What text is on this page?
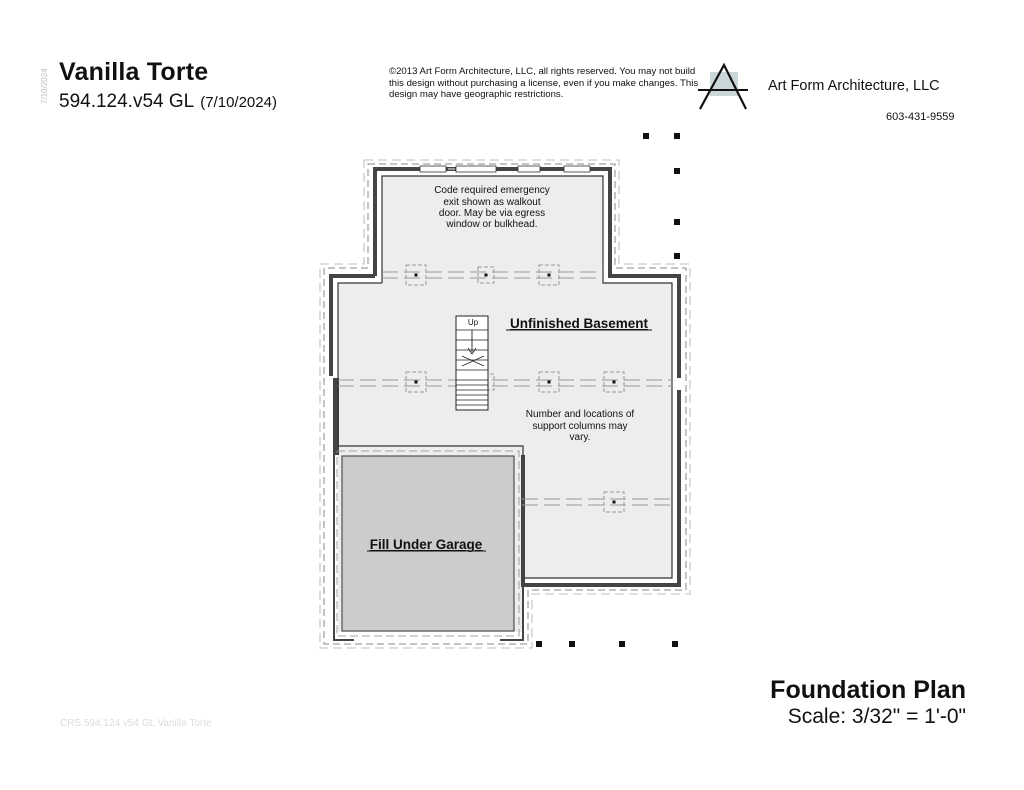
Vanilla Torte
594.124.v54 GL (7/10/2024)
7/10/2024	©2013 Art Form Architecture, LLC, all rights reserved. You may not build this design without purchasing a license, even if you make changes. This design may have geographic restrictions.
Art Form Architecture, LLC
603-431-9559
Up
Code required emergency
exit shown as walkout
door. May be via egress
window or bulkhead.
Unfinished Basement
Number and locations of
support columns may
vary.
Fill Under Garage
Foundation Plan
Scale: 3/32" = 1'-0"
CRS 594.124.v54 GL Vanilla Torte
